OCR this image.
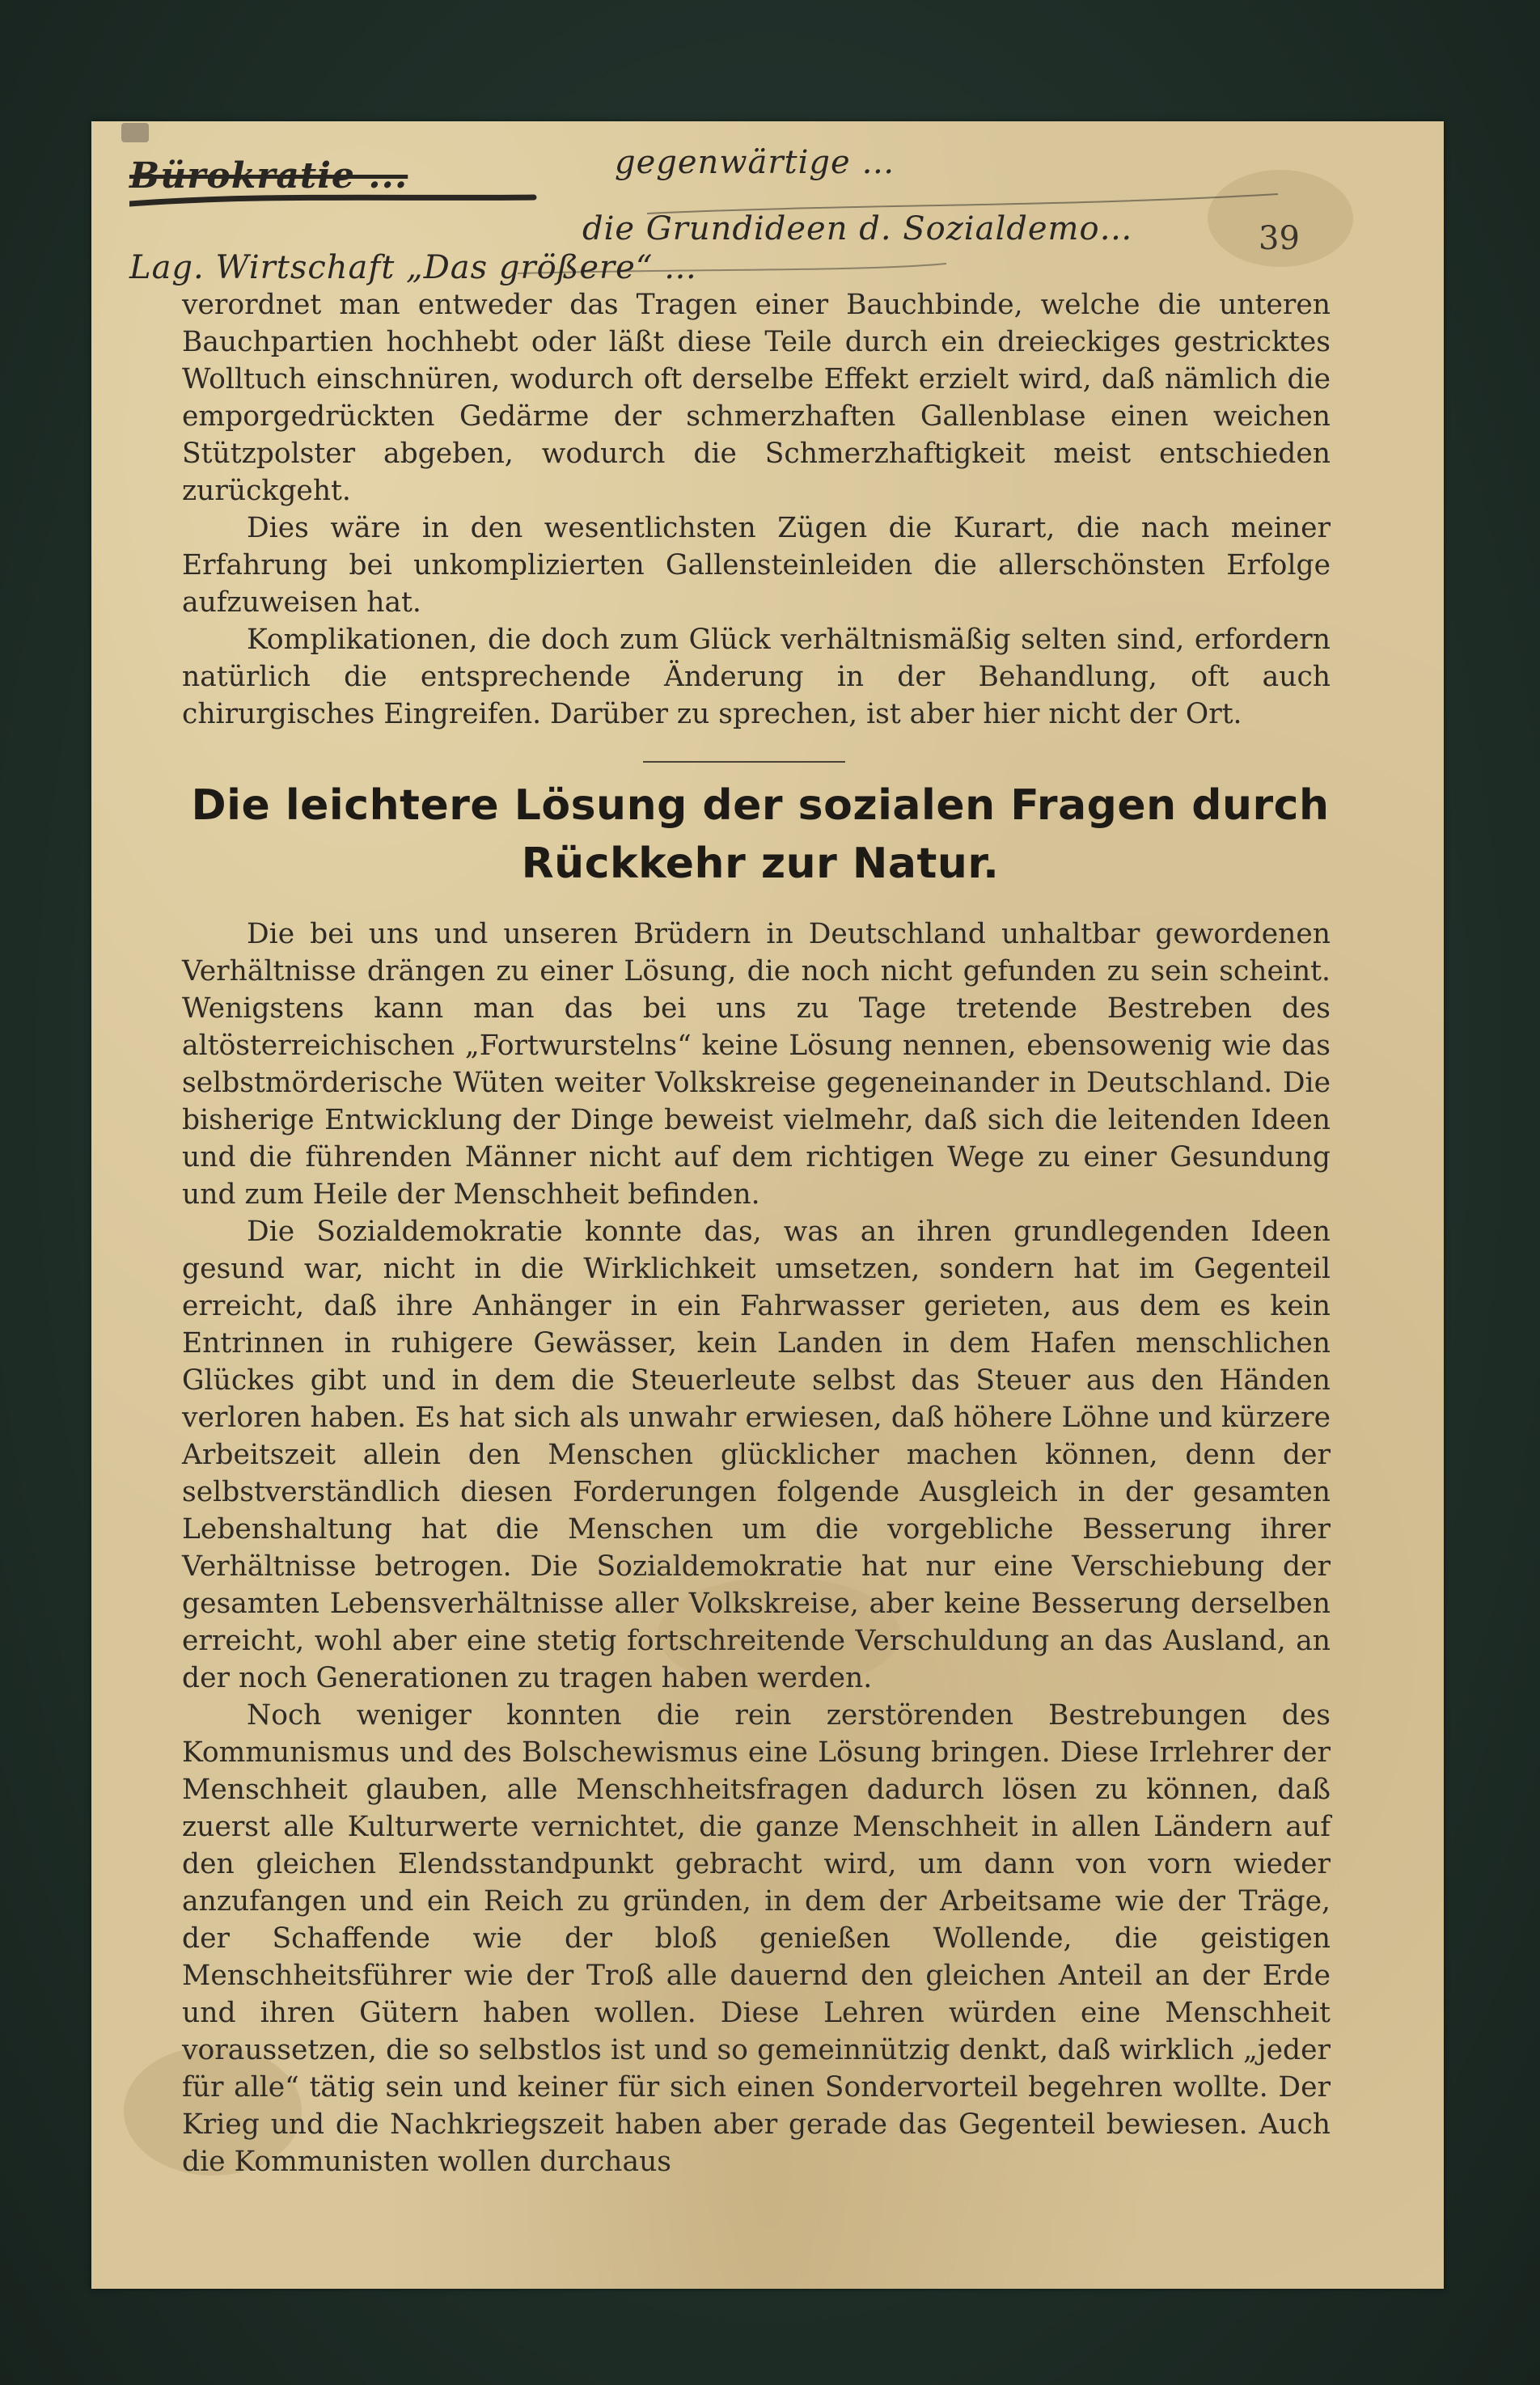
Bürokratie ...	gegenwärtige …
die Grundideen d. Sozialdemo…
Lag. Wirtschaft „Das größere“ …
39

verordnet man entweder das Tragen einer Bauchbinde, welche die unteren Bauchpartien hochhebt oder läßt diese Teile durch ein dreieckiges gestricktes Wolltuch einschnüren, wodurch oft derselbe Effekt erzielt wird, daß nämlich die emporgedrückten Gedärme der schmerzhaften Gallenblase einen weichen Stützpolster abgeben, wodurch die Schmerzhaftigkeit meist entschieden zurückgeht.

Dies wäre in den wesentlichsten Zügen die Kurart, die nach meiner Erfahrung bei unkomplizierten Gallensteinleiden die allerschönsten Erfolge aufzuweisen hat.

Komplikationen, die doch zum Glück verhältnismäßig selten sind, erfordern natürlich die entsprechende Änderung in der Behandlung, oft auch chirurgisches Eingreifen. Darüber zu sprechen, ist aber hier nicht der Ort.

Die leichtere Lösung der sozialen Fragen durch
Rückkehr zur Natur.

Die bei uns und unseren Brüdern in Deutschland unhaltbar gewordenen Verhältnisse drängen zu einer Lösung, die noch nicht gefunden zu sein scheint. Wenigstens kann man das bei uns zu Tage tretende Bestreben des altösterreichischen „Fortwurstelns“ keine Lösung nennen, ebensowenig wie das selbstmörderische Wüten weiter Volkskreise gegeneinander in Deutschland. Die bisherige Entwicklung der Dinge beweist vielmehr, daß sich die leitenden Ideen und die führenden Männer nicht auf dem richtigen Wege zu einer Gesundung und zum Heile der Menschheit befinden.

Die Sozialdemokratie konnte das, was an ihren grundlegenden Ideen gesund war, nicht in die Wirklichkeit umsetzen, sondern hat im Gegenteil erreicht, daß ihre Anhänger in ein Fahrwasser gerieten, aus dem es kein Entrinnen in ruhigere Gewässer, kein Landen in dem Hafen menschlichen Glückes gibt und in dem die Steuerleute selbst das Steuer aus den Händen verloren haben. Es hat sich als unwahr erwiesen, daß höhere Löhne und kürzere Arbeitszeit allein den Menschen glücklicher machen können, denn der selbstverständlich diesen Forderungen folgende Ausgleich in der gesamten Lebenshaltung hat die Menschen um die vorgebliche Besserung ihrer Verhältnisse betrogen. Die Sozialdemokratie hat nur eine Verschiebung der gesamten Lebensverhältnisse aller Volkskreise, aber keine Besserung derselben erreicht, wohl aber eine stetig fortschreitende Verschuldung an das Ausland, an der noch Generationen zu tragen haben werden.

Noch weniger konnten die rein zerstörenden Bestrebungen des Kommunismus und des Bolschewismus eine Lösung bringen. Diese Irrlehrer der Menschheit glauben, alle Menschheitsfragen dadurch lösen zu können, daß zuerst alle Kulturwerte vernichtet, die ganze Menschheit in allen Ländern auf den gleichen Elendsstandpunkt gebracht wird, um dann von vorn wieder anzufangen und ein Reich zu gründen, in dem der Arbeitsame wie der Träge, der Schaffende wie der bloß genießen Wollende, die geistigen Menschheitsführer wie der Troß alle dauernd den gleichen Anteil an der Erde und ihren Gütern haben wollen. Diese Lehren würden eine Menschheit voraussetzen, die so selbstlos ist und so gemeinnützig denkt, daß wirklich „jeder für alle“ tätig sein und keiner für sich einen Sondervorteil begehren wollte. Der Krieg und die Nachkriegszeit haben aber gerade das Gegenteil bewiesen. Auch die Kommunisten wollen durchaus
